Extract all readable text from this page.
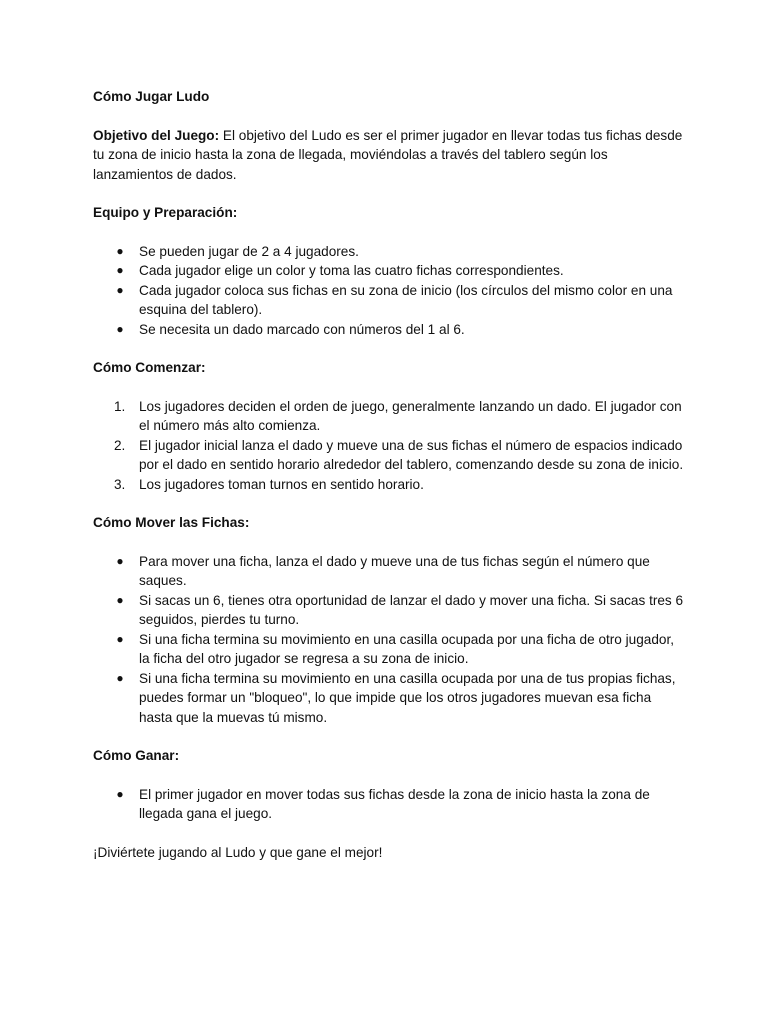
Cómo Jugar Ludo

Objetivo del Juego: El objetivo del Ludo es ser el primer jugador en llevar todas tus fichas desde tu zona de inicio hasta la zona de llegada, moviéndolas a través del tablero según los lanzamientos de dados.

Equipo y Preparación:

● Se pueden jugar de 2 a 4 jugadores.
● Cada jugador elige un color y toma las cuatro fichas correspondientes.
● Cada jugador coloca sus fichas en su zona de inicio (los círculos del mismo color en una esquina del tablero).
● Se necesita un dado marcado con números del 1 al 6.

Cómo Comenzar:

1. Los jugadores deciden el orden de juego, generalmente lanzando un dado. El jugador con el número más alto comienza.
2. El jugador inicial lanza el dado y mueve una de sus fichas el número de espacios indicado por el dado en sentido horario alrededor del tablero, comenzando desde su zona de inicio.
3. Los jugadores toman turnos en sentido horario.

Cómo Mover las Fichas:

● Para mover una ficha, lanza el dado y mueve una de tus fichas según el número que saques.
● Si sacas un 6, tienes otra oportunidad de lanzar el dado y mover una ficha. Si sacas tres 6 seguidos, pierdes tu turno.
● Si una ficha termina su movimiento en una casilla ocupada por una ficha de otro jugador, la ficha del otro jugador se regresa a su zona de inicio.
● Si una ficha termina su movimiento en una casilla ocupada por una de tus propias fichas, puedes formar un "bloqueo", lo que impide que los otros jugadores muevan esa ficha hasta que la muevas tú mismo.

Cómo Ganar:

● El primer jugador en mover todas sus fichas desde la zona de inicio hasta la zona de llegada gana el juego.

¡Diviértete jugando al Ludo y que gane el mejor!
